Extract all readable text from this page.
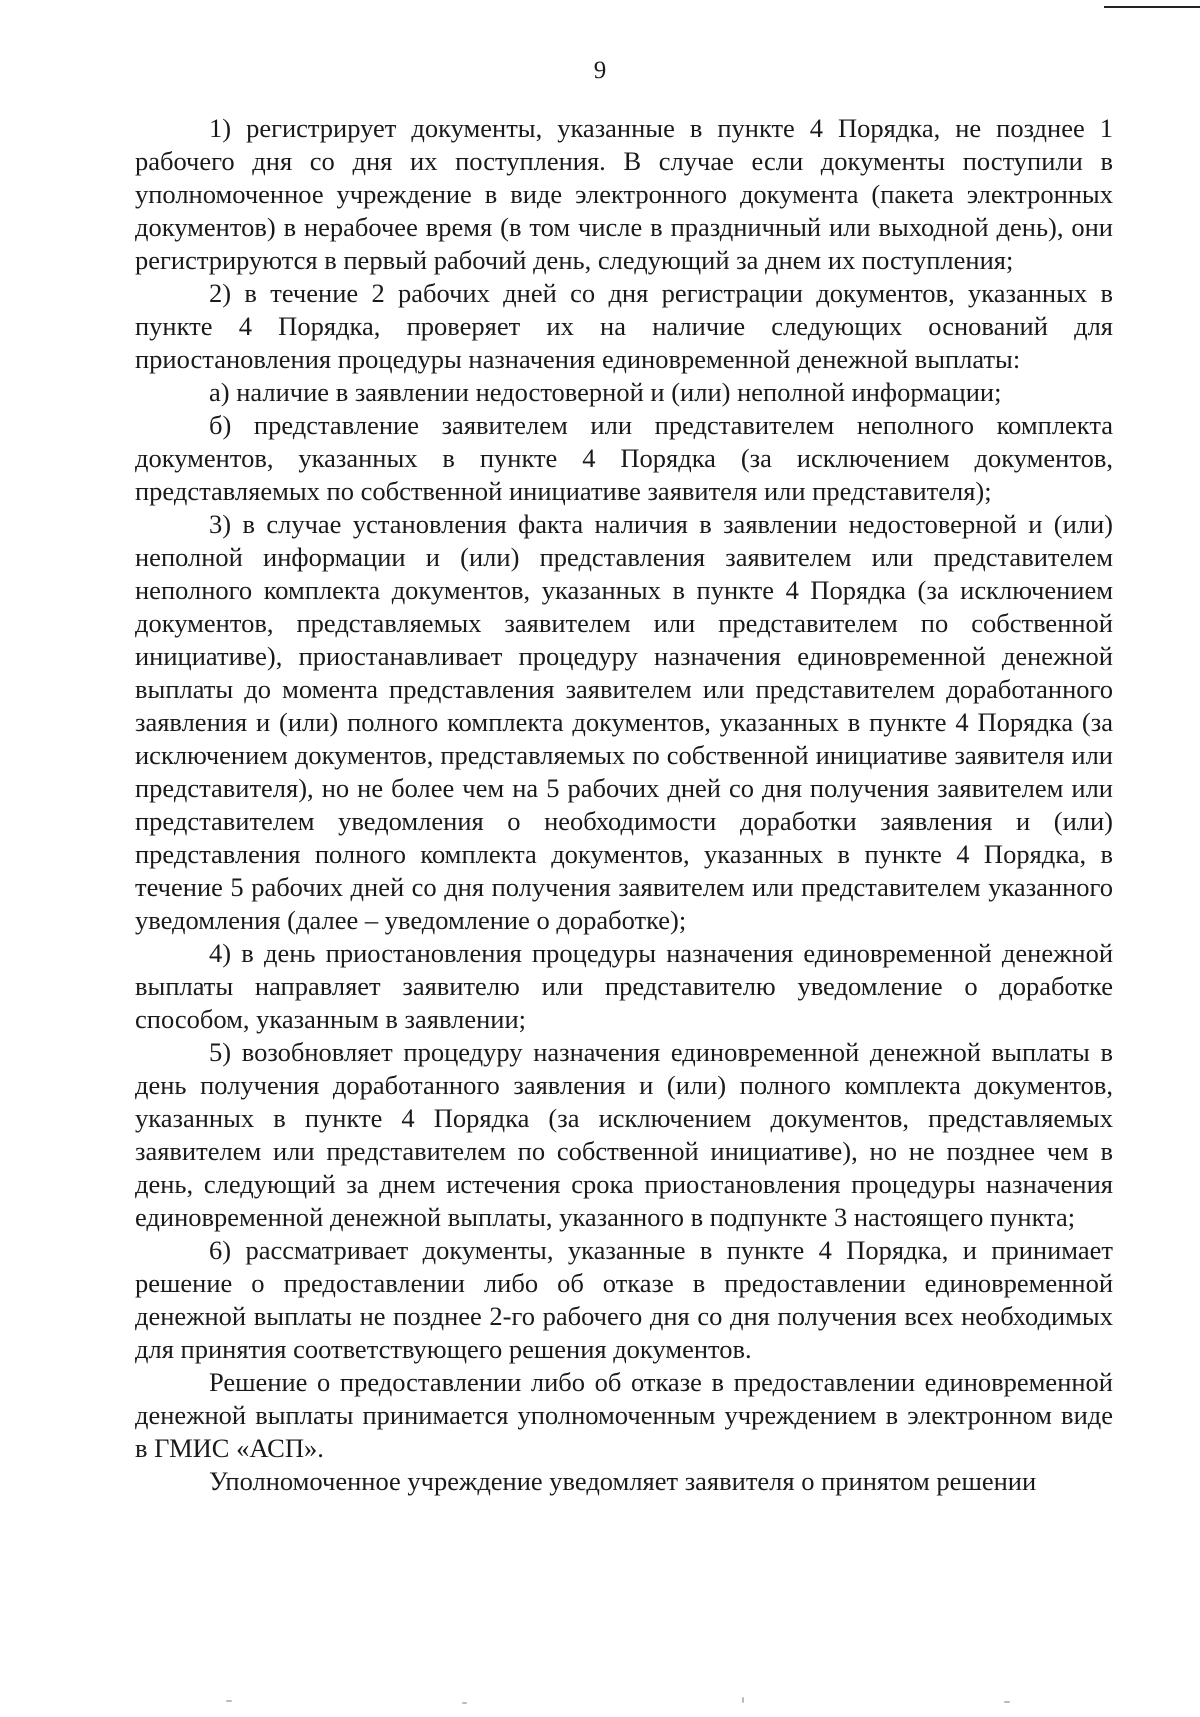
9

1) регистрирует документы, указанные в пункте 4 Порядка, не позднее 1 рабочего дня со дня их поступления. В случае если документы поступили в уполномоченное учреждение в виде электронного документа (пакета электронных документов) в нерабочее время (в том числе в праздничный или выходной день), они регистрируются в первый рабочий день, следующий за днем их поступления;

2) в течение 2 рабочих дней со дня регистрации документов, указанных в пункте 4 Порядка, проверяет их на наличие следующих оснований для приостановления процедуры назначения единовременной денежной выплаты:

а) наличие в заявлении недостоверной и (или) неполной информации;

б) представление заявителем или представителем неполного комплекта документов, указанных в пункте 4 Порядка (за исключением документов, представляемых по собственной инициативе заявителя или представителя);

3) в случае установления факта наличия в заявлении недостоверной и (или) неполной информации и (или) представления заявителем или представителем неполного комплекта документов, указанных в пункте 4 Порядка (за исключением документов, представляемых заявителем или представителем по собственной инициативе), приостанавливает процедуру назначения единовременной денежной выплаты до момента представления заявителем или представителем доработанного заявления и (или) полного комплекта документов, указанных в пункте 4 Порядка (за исключением документов, представляемых по собственной инициативе заявителя или представителя), но не более чем на 5 рабочих дней со дня получения заявителем или представителем уведомления о необходимости доработки заявления и (или) представления полного комплекта документов, указанных в пункте 4 Порядка, в течение 5 рабочих дней со дня получения заявителем или представителем указанного уведомления (далее – уведомление о доработке);

4) в день приостановления процедуры назначения единовременной денежной выплаты направляет заявителю или представителю уведомление о доработке способом, указанным в заявлении;

5) возобновляет процедуру назначения единовременной денежной выплаты в день получения доработанного заявления и (или) полного комплекта документов, указанных в пункте 4 Порядка (за исключением документов, представляемых заявителем или представителем по собственной инициативе), но не позднее чем в день, следующий за днем истечения срока приостановления процедуры назначения единовременной денежной выплаты, указанного в подпункте 3 настоящего пункта;

6) рассматривает документы, указанные в пункте 4 Порядка, и принимает решение о предоставлении либо об отказе в предоставлении единовременной денежной выплаты не позднее 2-го рабочего дня со дня получения всех необходимых для принятия соответствующего решения документов.

Решение о предоставлении либо об отказе в предоставлении единовременной денежной выплаты принимается уполномоченным учреждением в электронном виде в ГМИС «АСП».

Уполномоченное учреждение уведомляет заявителя о принятом решении
